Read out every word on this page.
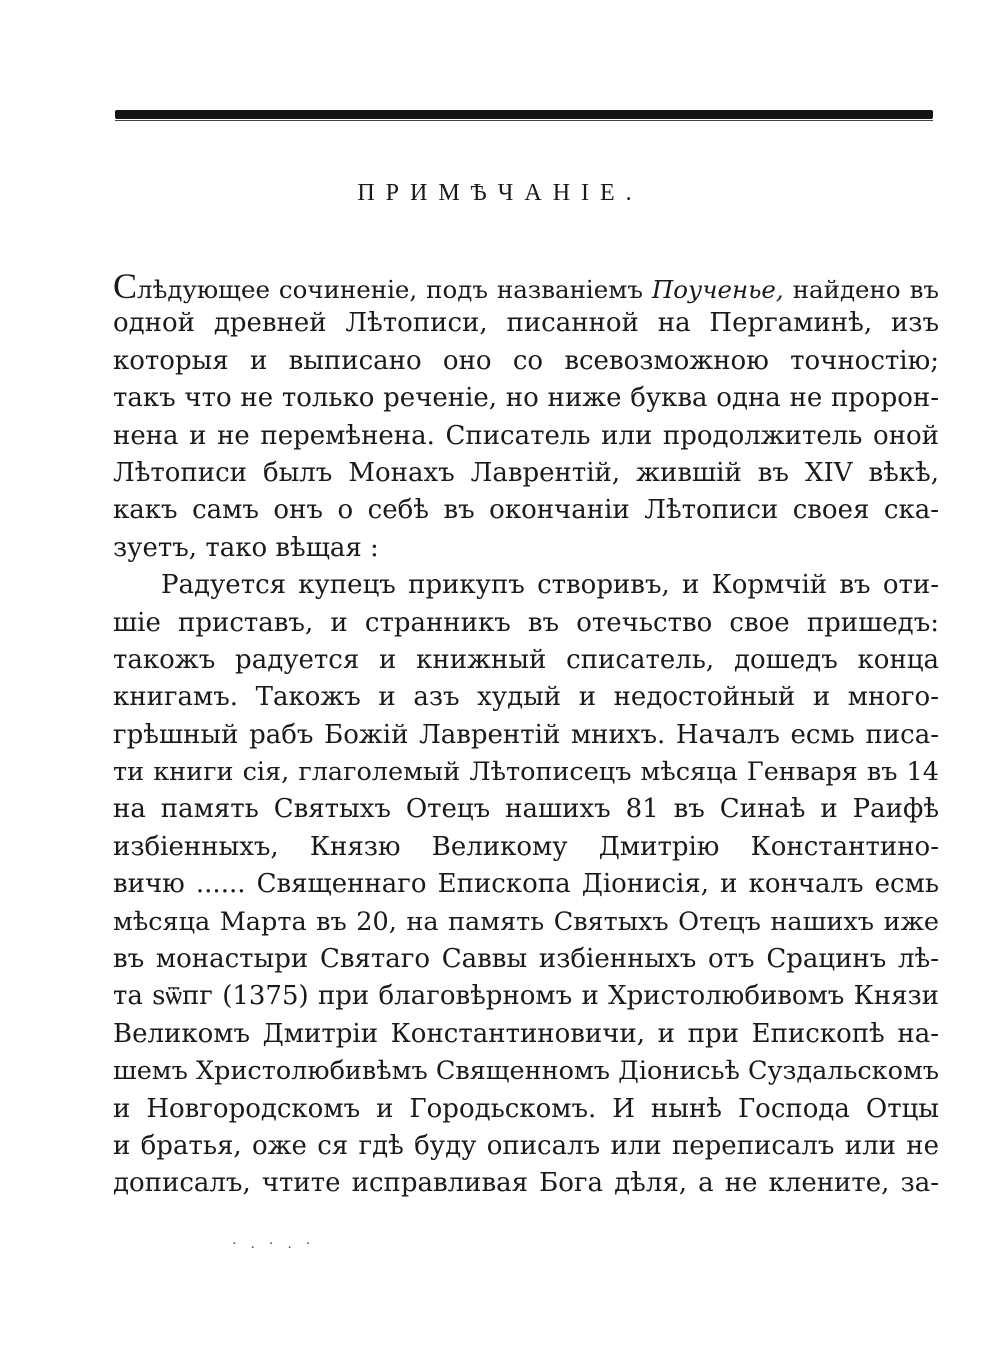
ПРИМѢЧАНІЕ.
Слѣдующее сочиненіе, подъ названіемъ Поученье, найдено въ
одной древней Лѣтописи, писанной на Пергаминѣ, изъ
которыя и выписано оно со всевозможною точностію;
такъ что не только реченіе, но ниже буква одна не пророн-
нена и не перемѣнена. Списатель или продолжитель оной
Лѣтописи былъ Монахъ Лаврентій, жившій въ XIV вѣкѣ,
какъ самъ онъ о себѣ въ окончаніи Лѣтописи своея ска-
зуетъ, тако вѣщая :
Радуется купецъ прикупъ створивъ, и Кормчій въ оти-
шіе приставъ, и странникъ въ отечьство свое пришедъ:
такожъ радуется и книжный списатель, дошедъ конца
книгамъ. Такожъ и азъ худый и недостойный и много-
грѣшный рабъ Божій Лаврентій мнихъ. Началъ есмь писа-
ти книги сія, глаголемый Лѣтописецъ мѣсяца Генваря въ 14
на память Святыхъ Отецъ нашихъ 81 въ Синаѣ и Раифѣ
избіенныхъ, Князю Великому Дмитрію Константино-
вичю ...... Священнаго Епископа Діонисія, и кончалъ есмь
мѣсяца Марта въ 20, на память Святыхъ Отецъ нашихъ иже
въ монастыри Святаго Саввы избіенныхъ отъ Срацинъ лѣ-
та ѕѿпг (1375) при благовѣрномъ и Христолюбивомъ Князи
Великомъ Дмитріи Константиновичи, и при Епископѣ на-
шемъ Христолюбивѣмъ Священномъ Діонисьѣ Суздальскомъ
и Новгородскомъ и Городьскомъ. И нынѣ Господа Отцы
и братья, оже ся гдѣ буду описалъ или переписалъ или не
дописалъ, чтите исправливая Бога дѣля, а не клените, за-
·.·.·
